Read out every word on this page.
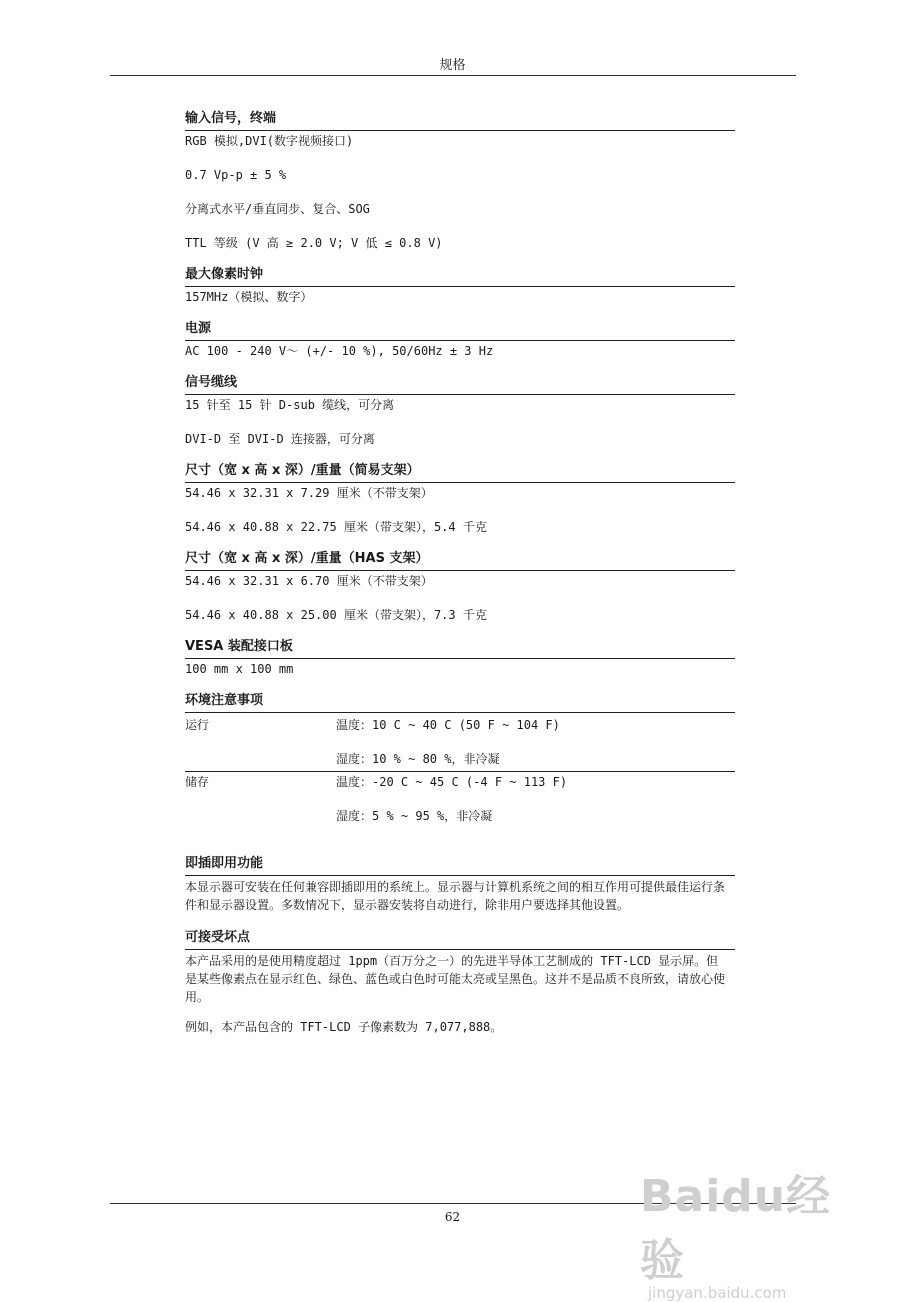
规格
输入信号，终端
RGB 模拟,DVI(数字视频接口)
0.7 Vp-p ± 5 %
分离式水平/垂直同步、复合、SOG
TTL 等级 (V 高 ≥ 2.0 V; V 低 ≤ 0.8 V)
最大像素时钟
157MHz（模拟、数字）
电源
AC 100 - 240 V～ (+/- 10 %), 50/60Hz ± 3 Hz
信号缆线
15 针至 15 针 D-sub 缆线，可分离
DVI-D 至 DVI-D 连接器，可分离
尺寸（宽 x 高 x 深）/重量（简易支架）
54.46 x 32.31 x 7.29 厘米（不带支架）
54.46 x 40.88 x 22.75 厘米（带支架），5.4 千克
尺寸（宽 x 高 x 深）/重量（HAS 支架）
54.46 x 32.31 x 6.70 厘米（不带支架）
54.46 x 40.88 x 25.00 厘米（带支架），7.3 千克
VESA 装配接口板
100 mm x 100 mm
环境注意事项
运行	温度：10 C ~ 40 C (50 F ~ 104 F)
湿度：10 % ~ 80 %，非冷凝
储存	温度：-20 C ~ 45 C (-4 F ~ 113 F)
湿度：5 % ~ 95 %，非冷凝
即插即用功能
本显示器可安装在任何兼容即插即用的系统上。显示器与计算机系统之间的相互作用可提供最佳运行条件和显示器设置。多数情况下，显示器安装将自动进行，除非用户要选择其他设置。
可接受坏点
本产品采用的是使用精度超过 1ppm（百万分之一）的先进半导体工艺制成的 TFT-LCD 显示屏。但是某些像素点在显示红色、绿色、蓝色或白色时可能太亮或呈黑色。这并不是品质不良所致，请放心使用。
例如，本产品包含的 TFT-LCD 子像素数为 7,077,888。
62	Baidu经验
jingyan.baidu.com
